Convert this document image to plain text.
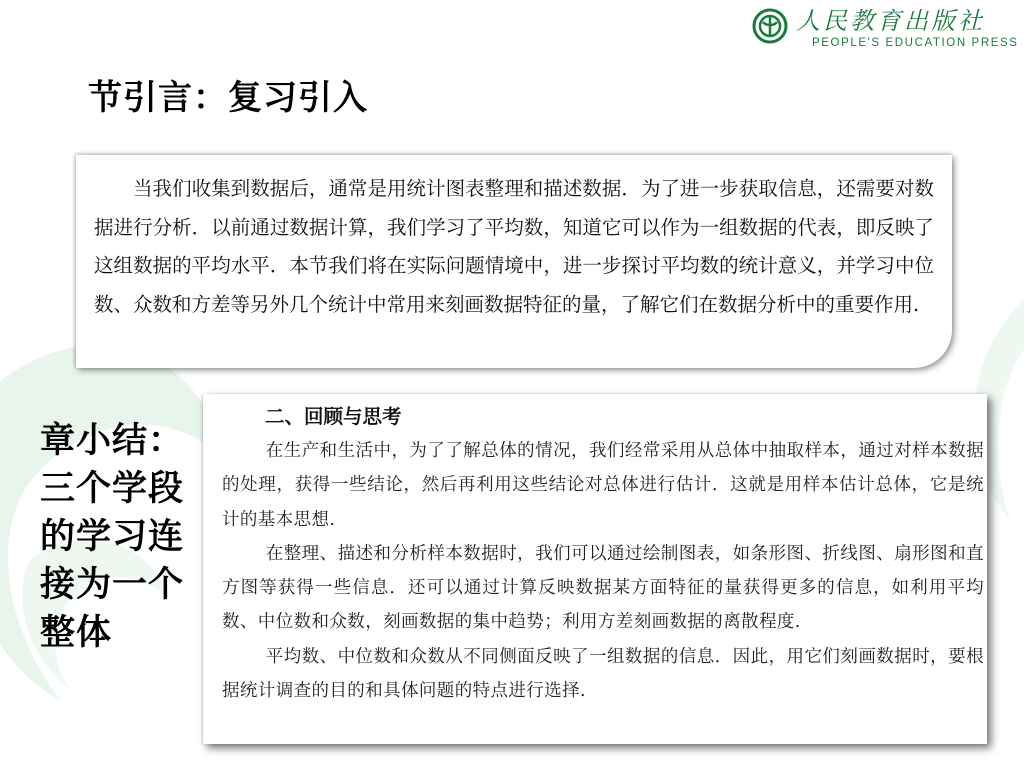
人民教育出版社
PEOPLE'S EDUCATION PRESS
节引言：复习引入
当我们收集到数据后，通常是用统计图表整理和描述数据．为了进一步获取信息，还需要对数据进行分析．以前通过数据计算，我们学习了平均数，知道它可以作为一组数据的代表，即反映了这组数据的平均水平．本节我们将在实际问题情境中，进一步探讨平均数的统计意义，并学习中位数、众数和方差等另外几个统计中常用来刻画数据特征的量，了解它们在数据分析中的重要作用.
章小结：
三个学段
的学习连
接为一个
整体
二、回顾与思考

在生产和生活中，为了了解总体的情况，我们经常采用从总体中抽取样本，通过对样本数据的处理，获得一些结论，然后再利用这些结论对总体进行估计．这就是用样本估计总体，它是统计的基本思想.

在整理、描述和分析样本数据时，我们可以通过绘制图表，如条形图、折线图、扇形图和直方图等获得一些信息．还可以通过计算反映数据某方面特征的量获得更多的信息，如利用平均数、中位数和众数，刻画数据的集中趋势；利用方差刻画数据的离散程度.

平均数、中位数和众数从不同侧面反映了一组数据的信息．因此，用它们刻画数据时，要根据统计调查的目的和具体问题的特点进行选择.
